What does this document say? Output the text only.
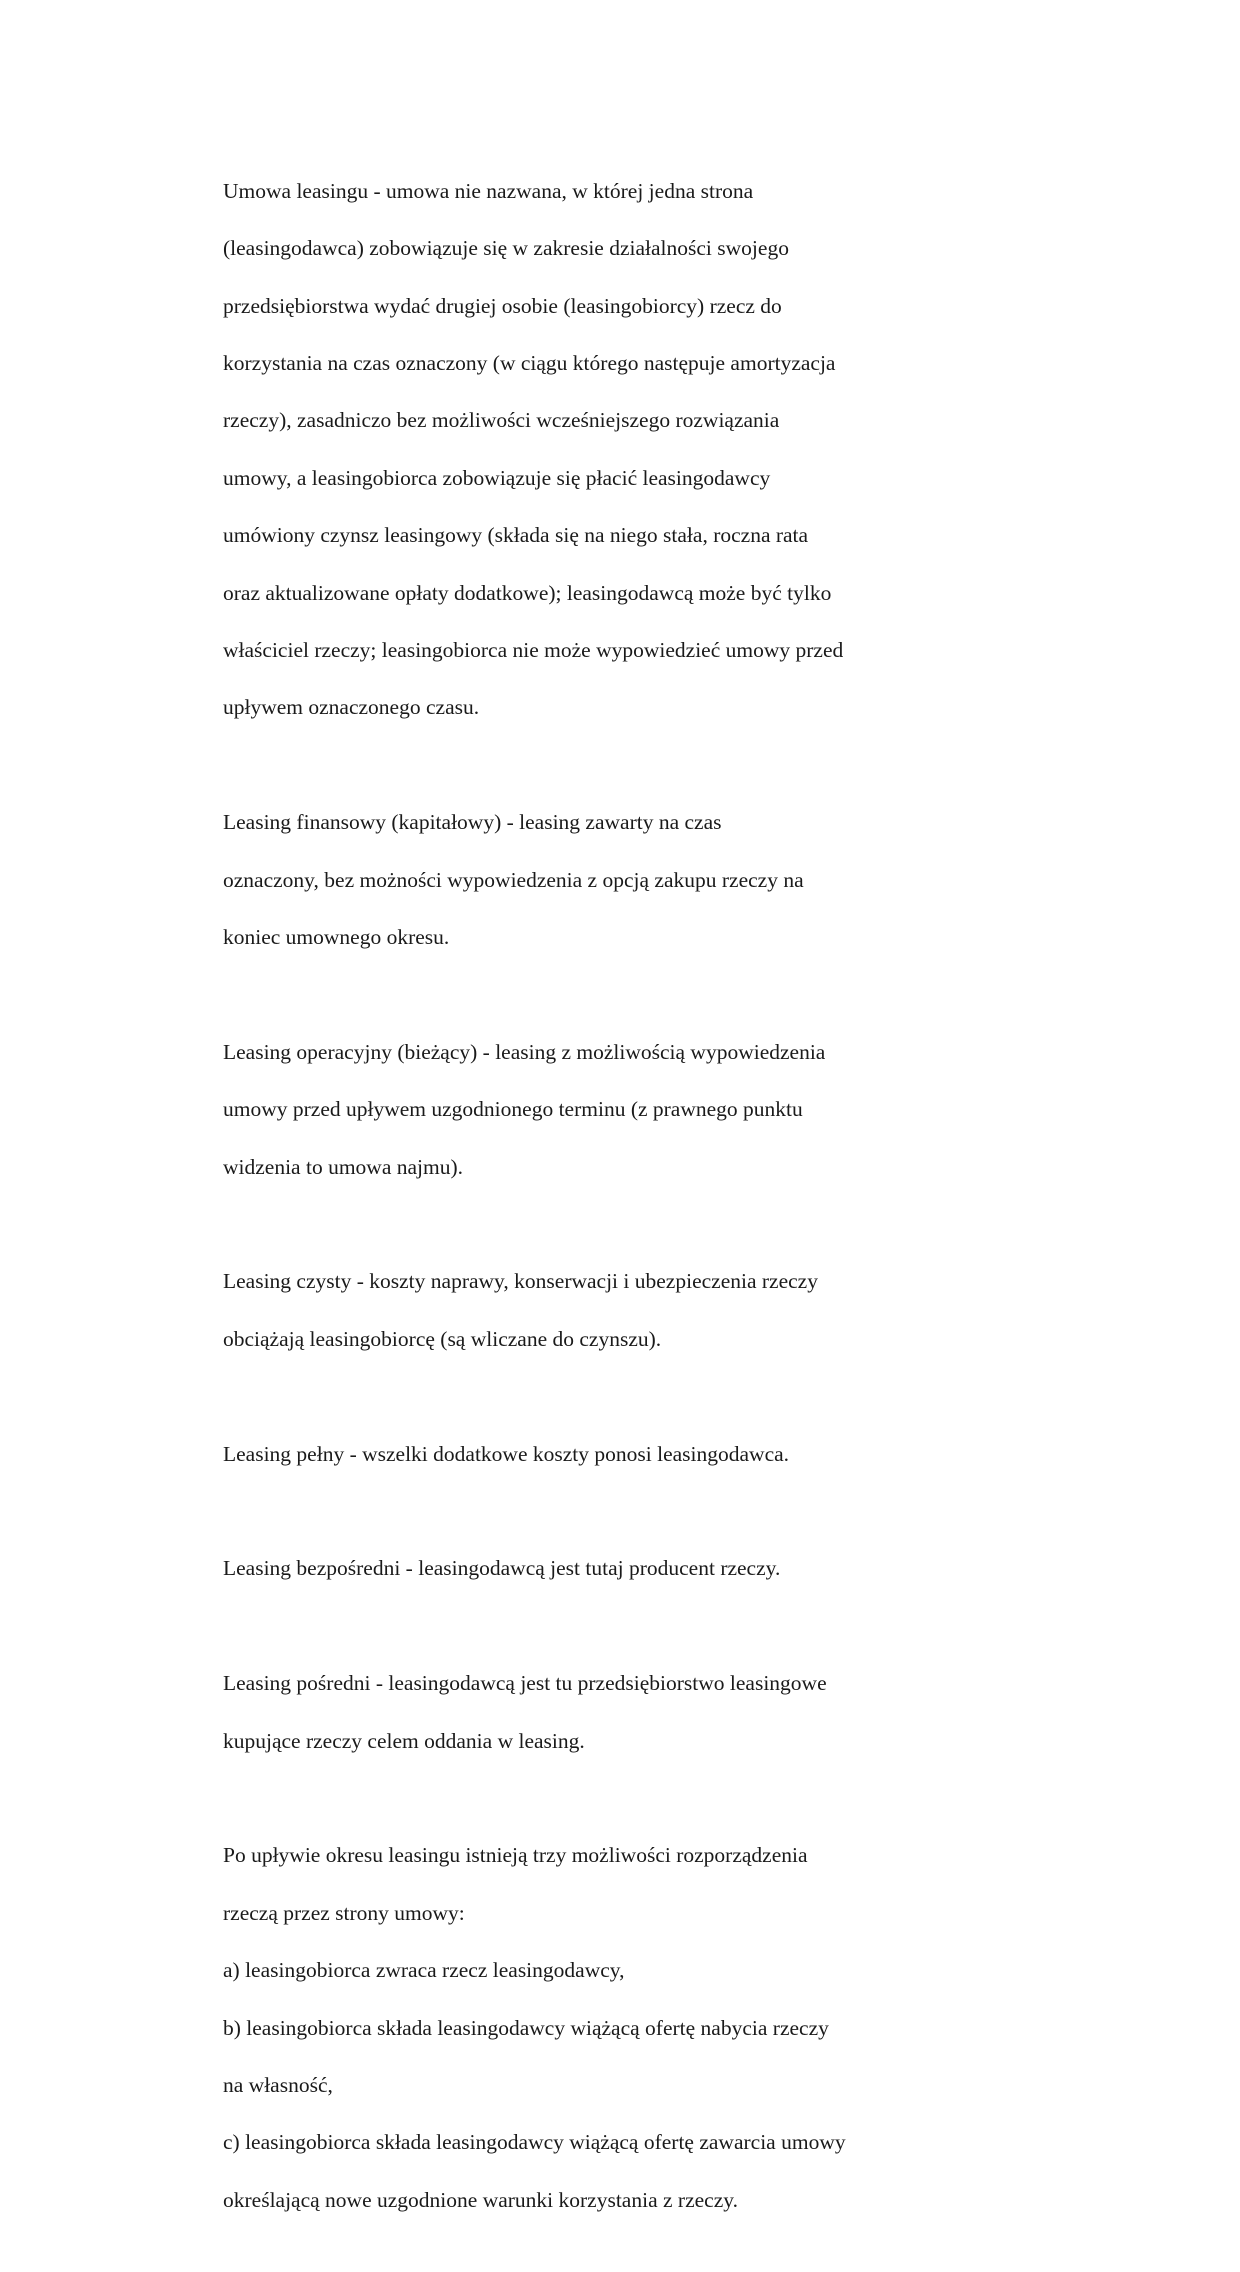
Umowa leasingu - umowa nie nazwana, w której jedna strona

(leasingodawca) zobowiązuje się w zakresie działalności swojego

przedsiębiorstwa wydać drugiej osobie (leasingobiorcy) rzecz do

korzystania na czas oznaczony (w ciągu którego następuje amortyzacja

rzeczy), zasadniczo bez możliwości wcześniejszego rozwiązania

umowy, a leasingobiorca zobowiązuje się płacić leasingodawcy

umówiony czynsz leasingowy (składa się na niego stała, roczna rata

oraz aktualizowane opłaty dodatkowe); leasingodawcą może być tylko

właściciel rzeczy; leasingobiorca nie może wypowiedzieć umowy przed

upływem oznaczonego czasu.

Leasing finansowy (kapitałowy) - leasing zawarty na czas

oznaczony, bez możności wypowiedzenia z opcją zakupu rzeczy na

koniec umownego okresu.

Leasing operacyjny (bieżący) - leasing z możliwością wypowiedzenia

umowy przed upływem uzgodnionego terminu (z prawnego punktu

widzenia to umowa najmu).

Leasing czysty - koszty naprawy, konserwacji i ubezpieczenia rzeczy

obciążają leasingobiorcę (są wliczane do czynszu).

Leasing pełny - wszelki dodatkowe koszty ponosi leasingodawca.

Leasing bezpośredni - leasingodawcą jest tutaj producent rzeczy.

Leasing pośredni - leasingodawcą jest tu przedsiębiorstwo leasingowe

kupujące rzeczy celem oddania w leasing.

Po upływie okresu leasingu istnieją trzy możliwości rozporządzenia

rzeczą przez strony umowy:

a) leasingobiorca zwraca rzecz leasingodawcy,

b) leasingobiorca składa leasingodawcy wiążącą ofertę nabycia rzeczy

na własność,

c) leasingobiorca składa leasingodawcy wiążącą ofertę zawarcia umowy

określającą nowe uzgodnione warunki korzystania z rzeczy.
